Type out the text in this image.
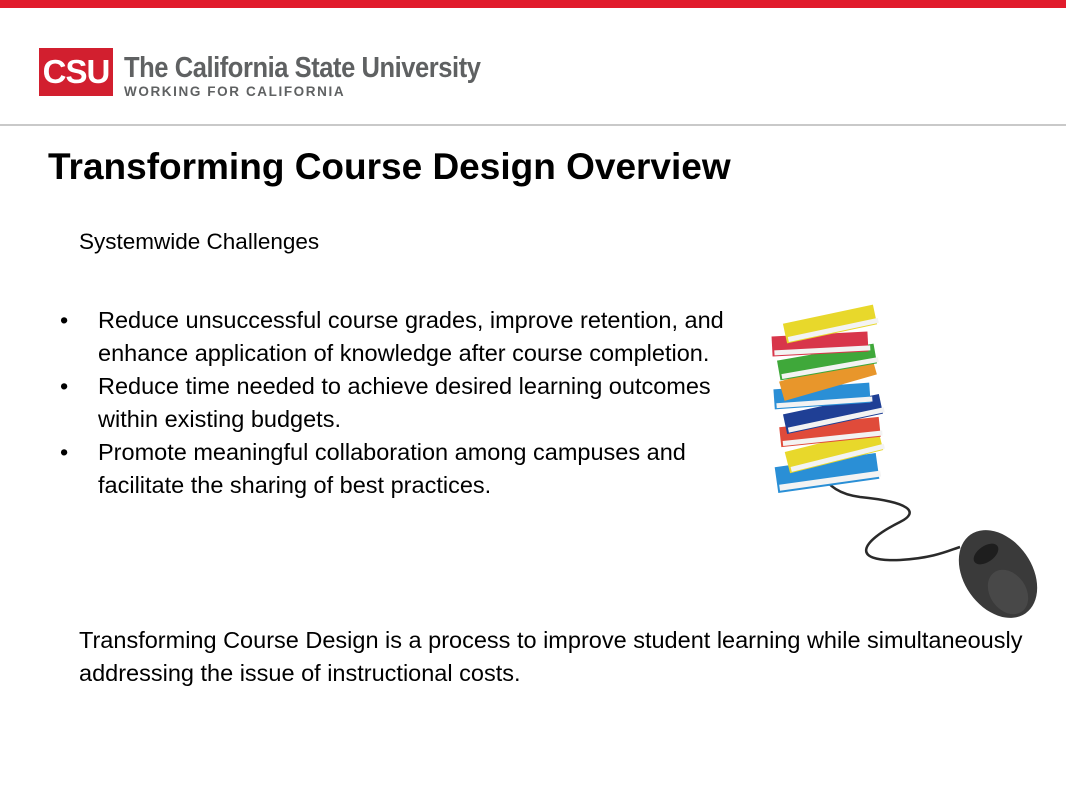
CSU The California State University
WORKING FOR CALIFORNIA
Transforming Course Design Overview
Systemwide Challenges
• Reduce unsuccessful course grades, improve retention, and enhance application of knowledge after course completion.
• Reduce time needed to achieve desired learning outcomes within existing budgets.
• Promote meaningful collaboration among campuses and facilitate the sharing of best practices.

Transforming Course Design is a process to improve student learning while simultaneously addressing the issue of instructional costs.
